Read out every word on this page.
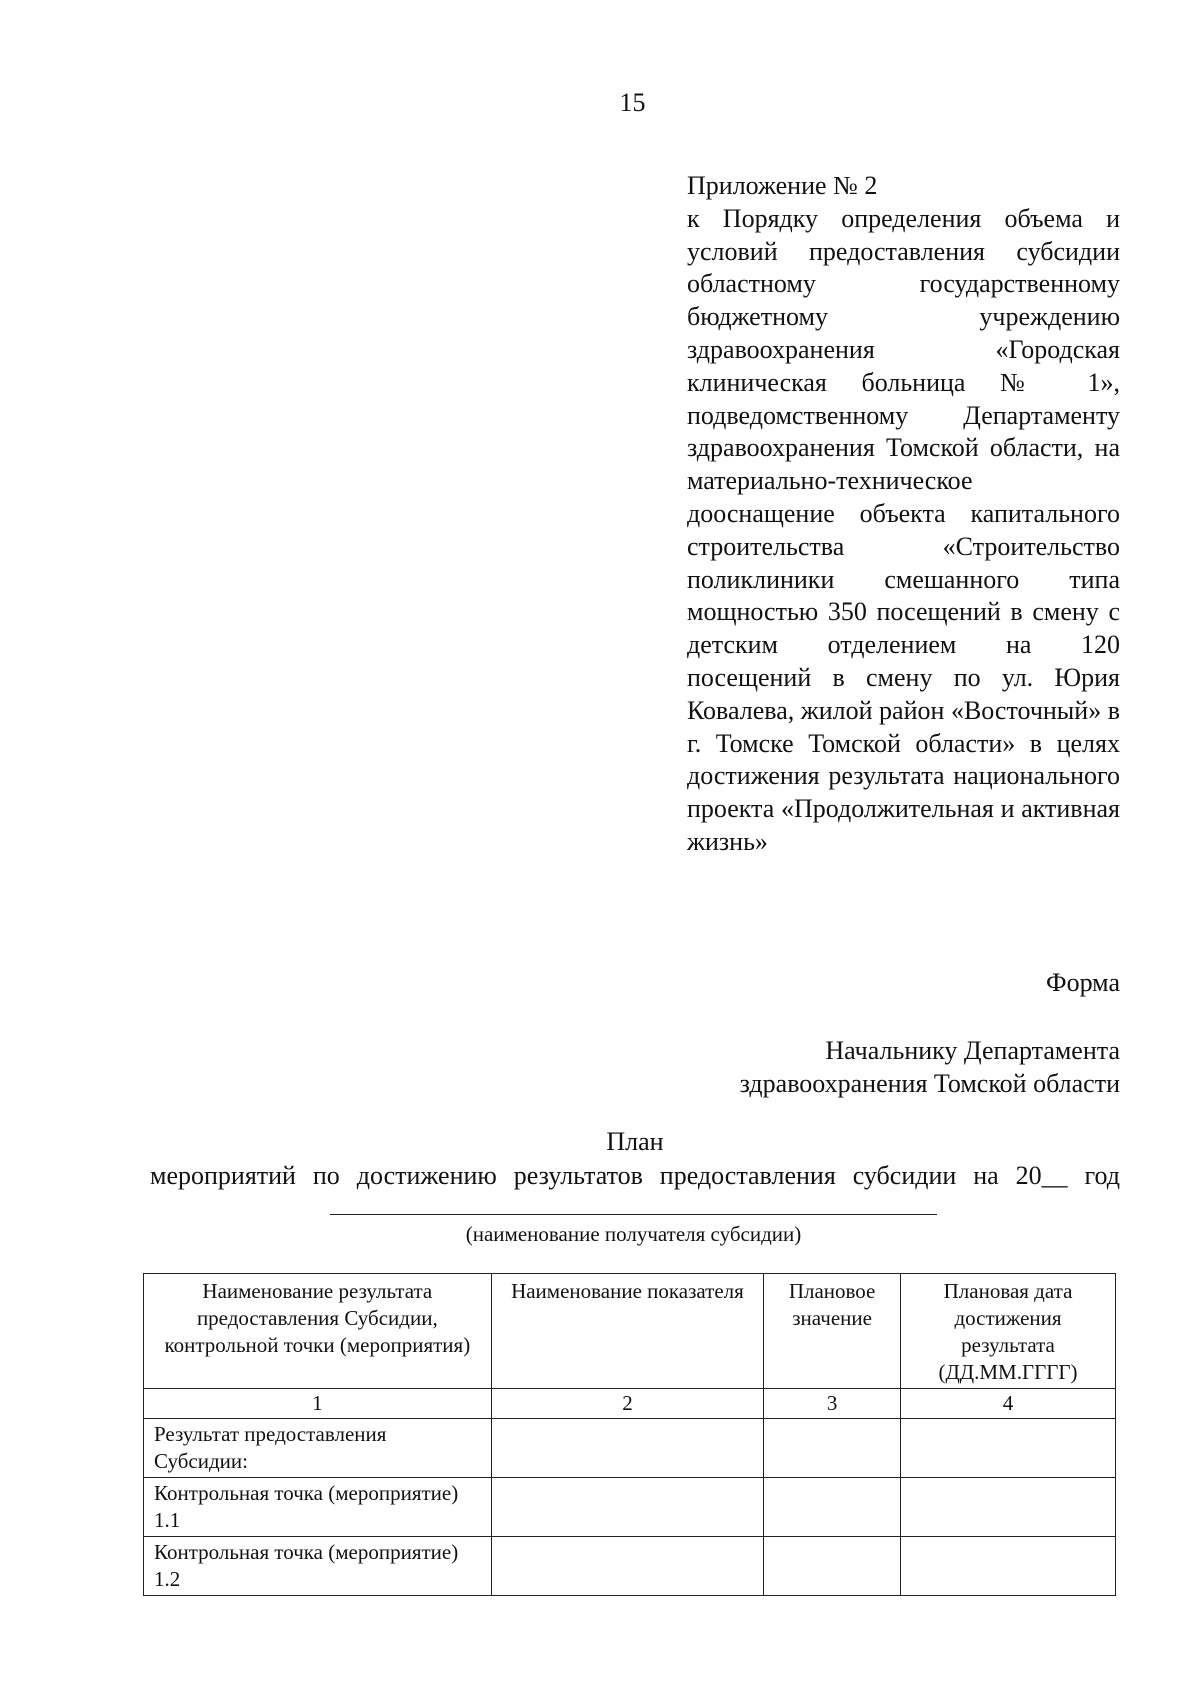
15
Приложение № 2
к Порядку определения объема и условий предоставления субсидии областному государственному бюджетному учреждению здравоохранения «Городская клиническая больница № 1», подведомственному Департаменту здравоохранения Томской области, на материально-техническое дооснащение объекта капитального строительства «Строительство поликлиники смешанного типа мощностью 350 посещений в смену с детским отделением на 120 посещений в смену по ул. Юрия Ковалева, жилой район «Восточный» в г. Томске Томской области» в целях достижения результата национального проекта «Продолжительная и активная жизнь»
Форма
Начальнику Департамента
здравоохранения Томской области
План
мероприятий по достижению результатов предоставления субсидии на 20__ год
(наименование получателя субсидии)
Наименование результата предоставления Субсидии, контрольной точки (мероприятия)	Наименование показателя	Плановое значение	Плановая дата достижения результата (ДД.ММ.ГГГГ)
1	2	3	4
Результат предоставления Субсидии:			
Контрольная точка (мероприятие) 1.1			
Контрольная точка (мероприятие) 1.2			
